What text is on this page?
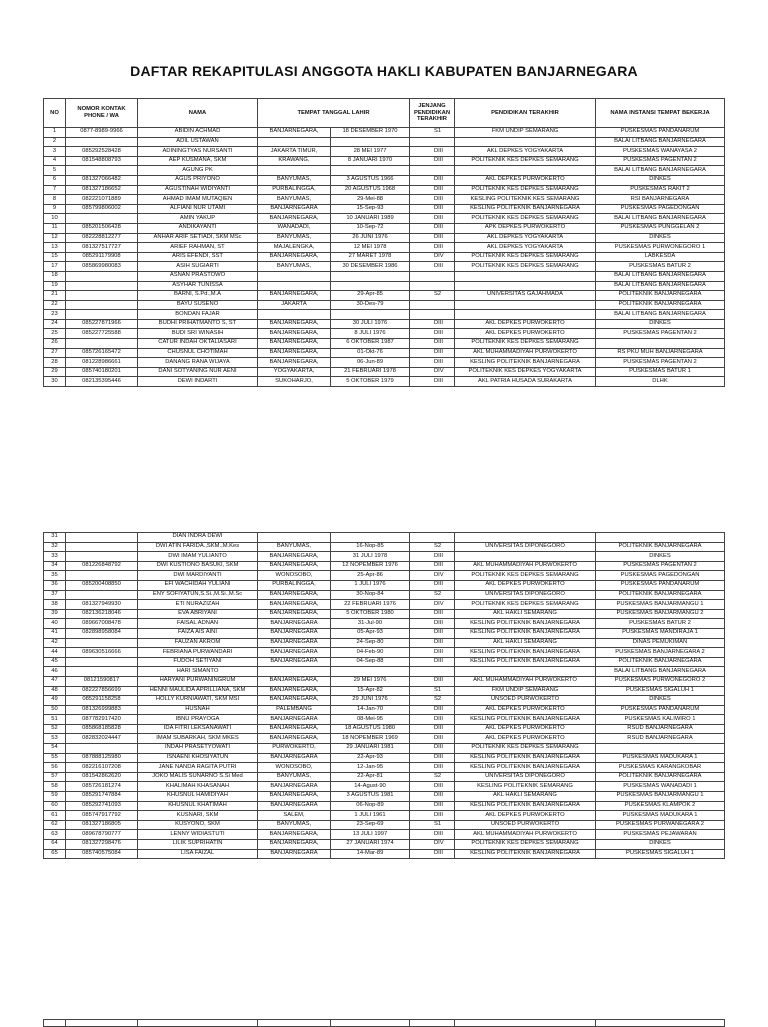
DAFTAR REKAPITULASI ANGGOTA HAKLI KABUPATEN BANJARNEGARA
NO	NOMOR KONTAK PHONE / WA	NAMA	TEMPAT TANGGAL LAHIR		JENJANG PENDIDIKAN TERAKHIR	PENDIDIKAN TERAKHIR	NAMA INSTANSI TEMPAT BEKERJA
1	0877-8989-9966	ABIDIN ACHMAD	BANJARNEGARA,	18 DESEMBER 1970	S1	FKM UNDIP SEMARANG	PUSKESMAS PANDANARUM
2		ADIL USTAWAN					BALAI LITBANG BANJARNEGARA
3	085292528428	ADININGTYAS NURSANTI	JAKARTA TIMUR,	28 MEI 1977	DIII	AKL DEPKES YOGYAKARTA	PUSKESMAS WANAYASA 2
4	081548808793	AEP KUSMANA, SKM	KRAWANG,	8 JANUARI 1970	DIII	POLITEKNIK KES DEPKES SEMARANG	PUSKESMAS PAGENTAN 2
5		AGUNG PK					BALAI LITBANG BANJARNEGARA
6	081327066482	AGUS PRIYONO	BANYUMAS,	3 AGUSTUS 1966	DIII	AKL DEPKES PURWOKERTO	DINKES
7	081327186652	AGUSTINAH WIDIYANTI	PURBALINGGA,	20 AGUSTUS 1968	DIII	POLITEKNIK KES DEPKES SEMARANG	PUSKESMAS RAKIT 2
8	082221071889	AHMAD IMAM MUTAQIEN	BANYUMAS,	29-Mei-88	DIII	KESLING POLITEKNIK KES SEMARANG	RSI BANJARNEGARA
9	085799806002	ALFIANI NUR UTAMI	BANJARNEGARA	15-Sep-93	DIII	KESLING POLITEKNIK BANJARNEGARA	PUSKESMAS PAGEDONGAN
10		AMIN YAKUP	BANJARNEGARA,	10 JANUARI 1989	DIII	POLITEKNIK KES DEPKES SEMARANG	BALAI LITBANG BANJARNEGARA
11	085201506428	ANDIKAYANTI	WANADADI,	10-Sep-72	DIII	APK DEPKES PURWOKERTO	PUSKESMAS PUNGGELAN 2
12	082228812277	ANHAR ARIF SETIADI, SKM MSc	BANYUMAS,	26 JUNI 1976	DIII	AKL DEPKES YOGYAKARTA	DINKES
13	081327517727	ARIEF RAHMAN, ST	MAJALENGKA,	12 MEI 1978	DIII	AKL DEPKES YOGYAKARTA	PUSKESMAS PURWONEGORO 1
15	085291179908	ARIS EFENDI, SST	BANJARNEGARA,	27 MARET 1978	DIV	POLITEKNIK KES DEPKES SEMARANG	LABKESDA
17	085869980083	ASIH SUGIARTI	BANYUMAS,	30 DESEMBER 1986	DIII	POLITEKNIK KES DEPKES SEMARANG	PUSKESMAS BATUR 2
18		ASNAN PRASTOWO					BALAI LITBANG BANJARNEGARA
19		ASYHAR TUNISSA					BALAI LITBANG BANJARNEGARA
21		BARNI, S.Pd.,M.A	BANJARNEGARA,	29-Apr-85	S2	UNIVERSITAS GAJAHMADA	POLITEKNIK BANJARNEGARA
22		BAYU SUSENO	JAKARTA	30-Des-79			POLITEKNIK BANJARNEGARA
23		BONDAN FAJAR					BALAI LITBANG BANJARNEGARA
24	085227871966	BUDHI PRIHATMANTO S, ST	BANJARNEGARA,	30 JULI 1976	DIII	AKL DEPKES PURWOKERTO	DINKES
25	085227725588	BUDI SRI WINASIH	BANJARNEGARA,	8 JULI 1976	DIII	AKL DEPKES PURWOKERTO	PUSKESMAS PAGENTAN 2
26		CATUR INDAH OKTALIASARI	BANJARNEGARA,	6 OKTOBER 1987	DIII	POLITEKNIK KES DEPKES SEMARANG	
27	085726165472	CHUSNUL CHOTIMAH	BANJARNEGARA,	01-Okt-76	DIII	AKL MUHAMMADIYAH PURWOKERTO	RS PKU MUH BANJARNEGARA
28	081228986661	DANANG RANA WIJAYA	BANJARNEGARA,	06-Jun-89	DIII	KESLING POLITEKNIK BANJARNEGARA	PUSKESMAS PAGENTAN 2
29	085740180201	DANI SOTYANING NUR AENI	YOGYAKARTA,	21 FEBRUARI 1978	DIV	POLITEKNIK KES DEPKES YOGYAKARTA	PUSKESMAS BATUR 1
30	082135395446	DEWI INDARTI	SUKOHARJO,	5 OKTOBER 1979	DIII	AKL PATRIA HUSADA SURAKARTA	DLHK
31		DIAN INDRA DEWI					
32		DWI ATIN FARIDA.,SKM.,M.Kes	BANYUMAS,	16-Nop-85	S2	UNIVERSITAS DIPONEGORO	POLITEKNIK BANJARNEGARA
33		DWI IMAM YULIANTO	BANJARNEGARA,	31 JULI 1978	DIII		DINKES
34	081226848792	DWI KUSTIONO BASUKI, SKM	BANJARNEGARA,	12 NOPEMBER 1976	DIII	AKL MUHAMMADIYAH PURWOKERTO	PUSKESMAS PAGENTAN 2
35		DWI MARDIYANTI	WONOSOBO,	25-Apr-86	DIV	POLITEKNIK KES DEPKES SEMARANG	PUSKESMAS PAGEDONGAN
36	085200408850	EFI WACHIDAH YULIANI	PURBALINGGA,	1 JULI 1976	DIII	AKL DEPKES PURWOKERTO	PUSKESMAS PANDANARUM
37		ENY SOFIYATUN,S.Si.,M.Si.,M.Sc	BANJARNEGARA,	30-Nop-84	S2	UNIVERSITAS DIPONEGORO	POLITEKNIK BANJARNEGARA
38	081327949930	ETI NURAZIZAH	BANJARNEGARA,	22 FEBRUARI 1976	DIV	POLITEKNIK KES DEPKES SEMARANG	PUSKESMAS BANJARMANGU 1
39	082136218046	EVA ABRIYANI	BANJARNEGARA,	5 OKTOBER 1980	DIII	AKL HAKLI SEMARANG	PUSKESMAS BANJARMANGU 2
40	089667008478	FAISAL ADNAN	BANJARNEGARA	31-Jul-90	DIII	KESLING POLITEKNIK BANJARNEGARA	PUSKESMAS BATUR 2
41	082898958084	FAIZA AIS AINI	BANJARNEGARA	05-Apr-93	DIII	KESLING POLITEKNIK BANJARNEGARA	PUSKESMAS MANDIRAJA 1
42		FAUZAN AKROM	BANJARNEGARA	24-Sep-80	DIII	AKL HAKLI SEMARANG	DINAS PEMUKIMAN
44	089630516666	FEBRIANA PURWANDARI	BANJARNEGARA	04-Feb-90	DIII	KESLING POLITEKNIK BANJARNEGARA	PUSKESMAS BANJARNEGARA 2
45		FUDOH SETIYANI	BANJARNEGARA	04-Sep-88	DIII	KESLING POLITEKNIK BANJARNEGARA	POLITEKNIK BANJARNEGARA
46		HARI SIMANTO					BALAI LITBANG BANJARNEGARA
47	08121590817	HARYANI PURWANINGRUM	BANJARNEGARA,	29 MEI 1976	DIII	AKL MUHAMMADIYAH PURWOKERTO	PUSKESMAS PURWONEGORO 2
48	082227856699	HENNI MAULIDA APRILLIANA, SKM	BANJARNEGARA,	15-Apr-82	S1	FKM UNDIP SEMARANG	PUSKESMAS SIGALUH 1
49	085291158258	HOLLY KURNIAWATI, SKM MSI	BANJARNEGARA,	29 JUNI 1976	S2	UNSOED PURWOKERTO	DINKES
50	081326999883	HUSNAH	PALEMBANG	14-Jan-70	DIII	AKL DEPKES PURWOKERTO	PUSKESMAS PANDANARUM
51	087782917420	IBNU PRAYOGA	BANJARNEGARA	08-Mei-95	DIII	KESLING POLITEKNIK BANJARNEGARA	PUSKESMAS KALIWIRO 1
52	085868185828	IDA FITRI LEKSANAWATI	BANJARNEGARA,	18 AGUSTUS 1980	DIII	AKL DEPKES PURWOKERTO	RSUD BANJARNEGARA
53	082832024447	IMAM SUBARKAH, SKM MKES	BANJARNEGARA,	18 NOPEMBER 1969	DIII	AKL DEPKES PURWOKERTO	RSUD BANJARNEGARA
54		INDAH PRASETYOWATI	PURWOKERTO,	29 JANUARI 1981	DIII	POLITEKNIK KES DEPKES SEMARANG	
55	087888125980	ISNAENI KHOSIYATUN	BANJARNEGARA	22-Apr-93	DIII	KESLING POLITEKNIK BANJARNEGARA	PUSKESMAS MADUKARA 1
56	082216107208	JANE NANDA RAGITA PUTRI	WONOSOBO,	12-Jan-95	DIII	KESLING POLITEKNIK BANJARNEGARA	PUSKESMAS KARANGKOBAR
57	081542862620	JOKO MALIS SUNARNO S.Si Med	BANYUMAS,	22-Apr-81	S2	UNIVERSITAS DIPONEGORO	POLITEKNIK BANJARNEGARA
58	085726181274	KHALIMAH KHASANAH	BANJARNEGARA	14-Agust-90	DIII	KESLING POLITEKNIK SEMARANG	PUSKESMAS WANADADI 1
59	085291747884	KHUSNUL HAMIDIYAH	BANJARNEGARA,	3 AGUSTUS 1981	DIII	AKL HAKLI SEMARANG	PUSKESMAS BANJARMANGU 1
60	085292741093	KHUSNUL KHATIMAH	BANJARNEGARA	06-Nop-89	DIII	KESLING POLITEKNIK BANJARNEGARA	PUSKESMAS KLAMPOK 2
61	085747917792	KUSNARI, SKM	SALEM,	1 JULI 1961	DIII	AKL DEPKES PURWOKERTO	PUSKESMAS MADUKARA 1
62	081327186805	KUSYONO, SKM	BANYUMAS,	23-Sep-69	S1	UNSOED PURWOKERTO	PUSKESMAS PURWANEGARA 2
63	089678790777	LENNY WIDIASTUTI	BANJARNEGARA,	13 JULI 1997	DIII	AKL MUHAMMADIYAH PURWOKERTO	PUSKESMAS PEJAWARAN
64	081327298476	LILIK SUPRIHATIN	BANJARNEGARA,	27 JANUARI 1974	DIV	POLITEKNIK KES DEPKES SEMARANG	DINKES
65	085740575084	LISA FAIZAL	BANJARNEGARA	14-Mar-89	DIII	KESLING POLITEKNIK BANJARNEGARA	PUSKESMAS SIGALUH 1
